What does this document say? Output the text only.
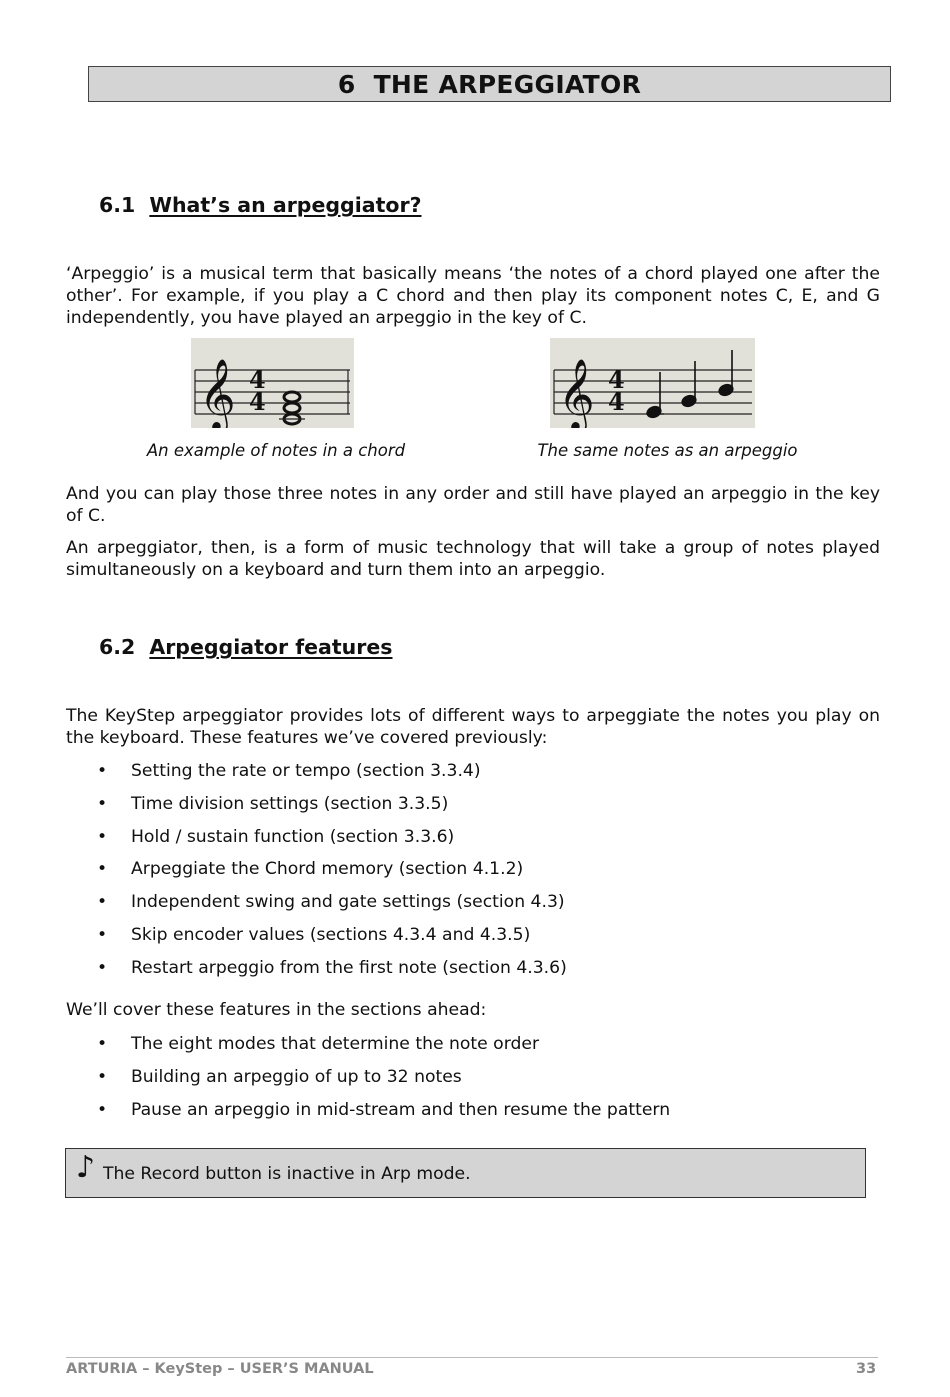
6 THE ARPEGGIATOR
6.1 What’s an arpeggiator?
‘Arpeggio’ is a musical term that basically means ‘the notes of a chord played one after the other’. For example, if you play a C chord and then play its component notes C, E, and G independently, you have played an arpeggio in the key of C.
𝄞 4
4
An example of notes in a chord
𝄞 4
4
The same notes as an arpeggio
And you can play those three notes in any order and still have played an arpeggio in the key of C.
An arpeggiator, then, is a form of music technology that will take a group of notes played simultaneously on a keyboard and turn them into an arpeggio.
6.2 Arpeggiator features
The KeyStep arpeggiator provides lots of different ways to arpeggiate the notes you play on the keyboard. These features we’ve covered previously:
• Setting the rate or tempo (section 3.3.4)
• Time division settings (section 3.3.5)
• Hold / sustain function (section 3.3.6)
• Arpeggiate the Chord memory (section 4.1.2)
• Independent swing and gate settings (section 4.3)
• Skip encoder values (sections 4.3.4 and 4.3.5)
• Restart arpeggio from the first note (section 4.3.6)
We’ll cover these features in the sections ahead:
• The eight modes that determine the note order
• Building an arpeggio of up to 32 notes
• Pause an arpeggio in mid-stream and then resume the pattern
♪ The Record button is inactive in Arp mode.
ARTURIA – KeyStep – USER’S MANUAL	33
